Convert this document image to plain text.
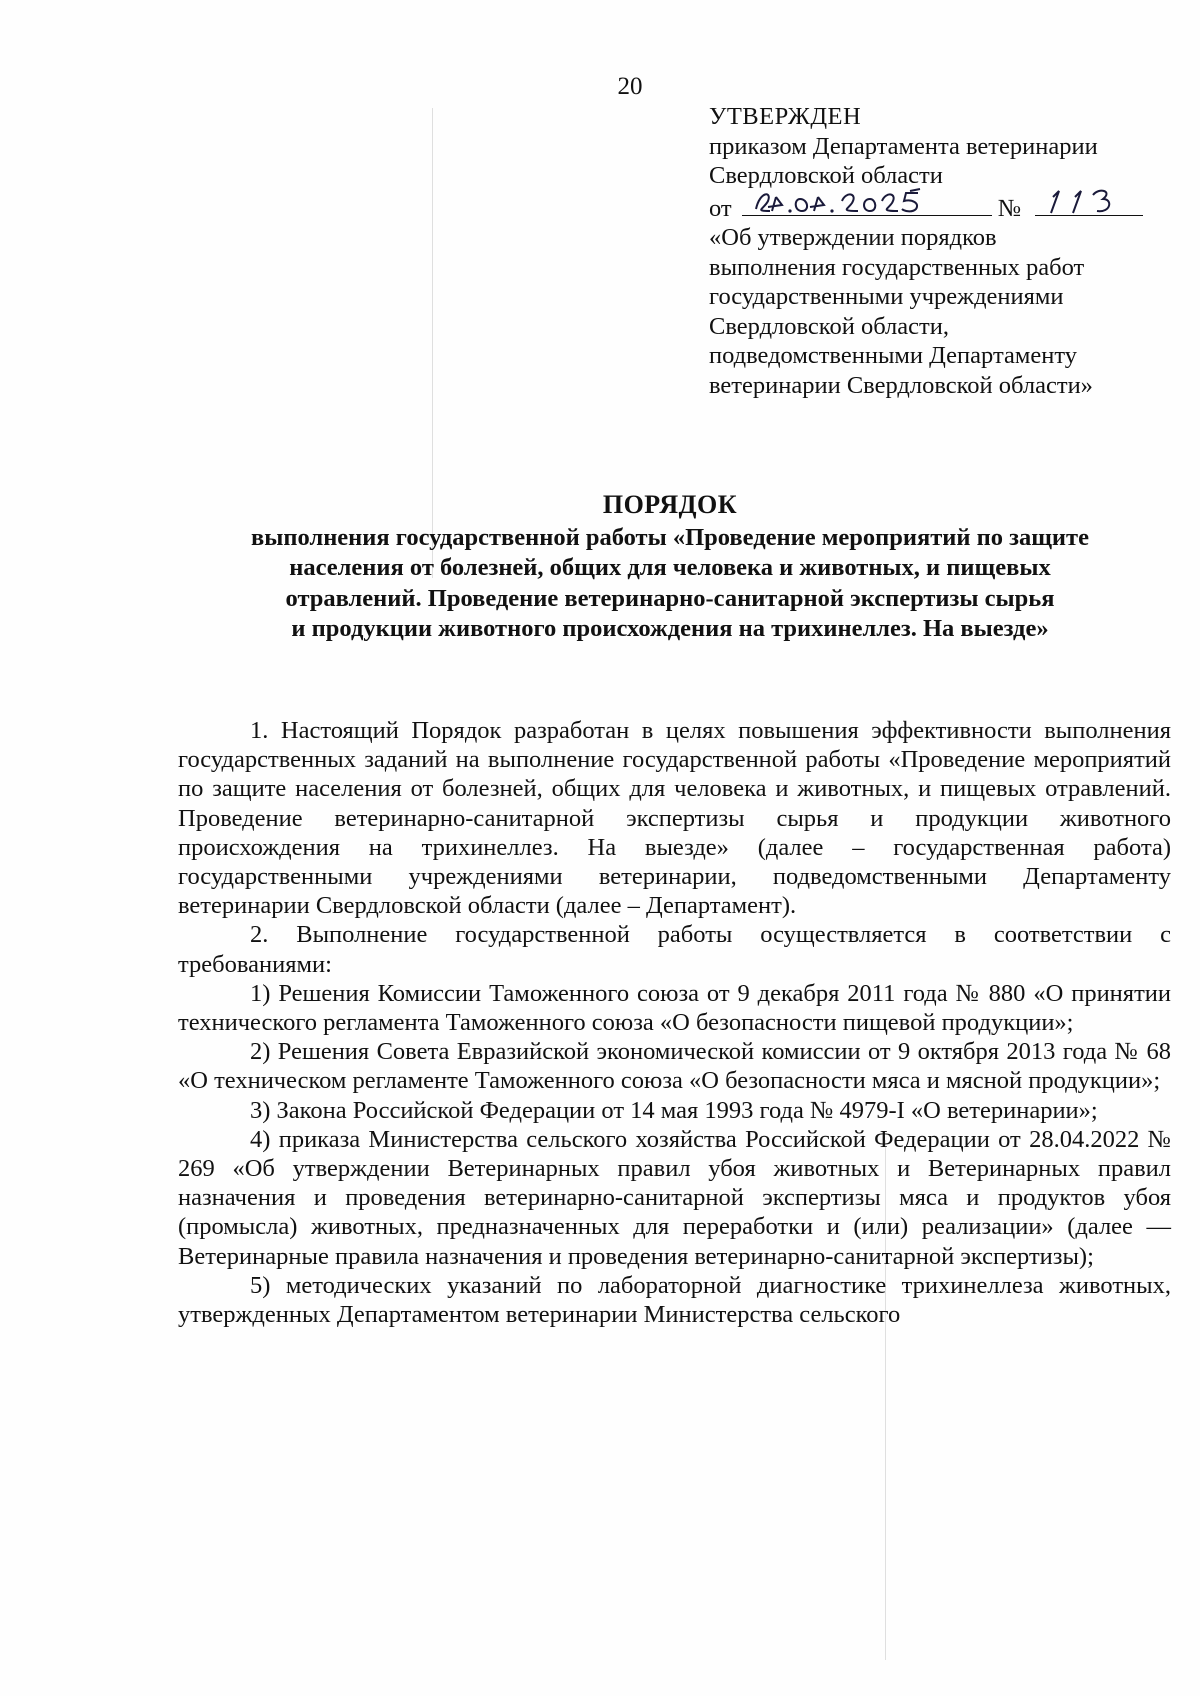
20
УТВЕРЖДЕН
приказом Департамента ветеринарии
Свердловской области
от	№
«Об утверждении порядков
выполнения государственных работ
государственными учреждениями
Свердловской области,
подведомственными Департаменту
ветеринарии Свердловской области»
ПОРЯДОК
выполнения государственной работы «Проведение мероприятий по защите
населения от болезней, общих для человека и животных, и пищевых
отравлений. Проведение ветеринарно-санитарной экспертизы сырья
и продукции животного происхождения на трихинеллез. На выезде»

1. Настоящий Порядок разработан в целях повышения эффективности выполнения государственных заданий на выполнение государственной работы «Проведение мероприятий по защите населения от болезней, общих для человека и животных, и пищевых отравлений. Проведение ветеринарно-санитарной экспертизы сырья и продукции животного происхождения на трихинеллез. На выезде» (далее – государственная работа) государственными учреждениями ветеринарии, подведомственными Департаменту ветеринарии Свердловской области (далее – Департамент).

2. Выполнение государственной работы осуществляется в соответствии с требованиями:

1) Решения Комиссии Таможенного союза от 9 декабря 2011 года № 880 «О принятии технического регламента Таможенного союза «О безопасности пищевой продукции»;

2) Решения Совета Евразийской экономической комиссии от 9 октября 2013 года № 68 «О техническом регламенте Таможенного союза «О безопасности мяса и мясной продукции»;

3) Закона Российской Федерации от 14 мая 1993 года № 4979-I «О ветеринарии»;

4) приказа Министерства сельского хозяйства Российской Федерации от 28.04.2022 № 269 «Об утверждении Ветеринарных правил убоя животных и Ветеринарных правил назначения и проведения ветеринарно-санитарной экспертизы мяса и продуктов убоя (промысла) животных, предназначенных для переработки и (или) реализации» (далее — Ветеринарные правила назначения и проведения ветеринарно-санитарной экспертизы);

5) методических указаний по лабораторной диагностике трихинеллеза животных, утвержденных Департаментом ветеринарии Министерства сельского
